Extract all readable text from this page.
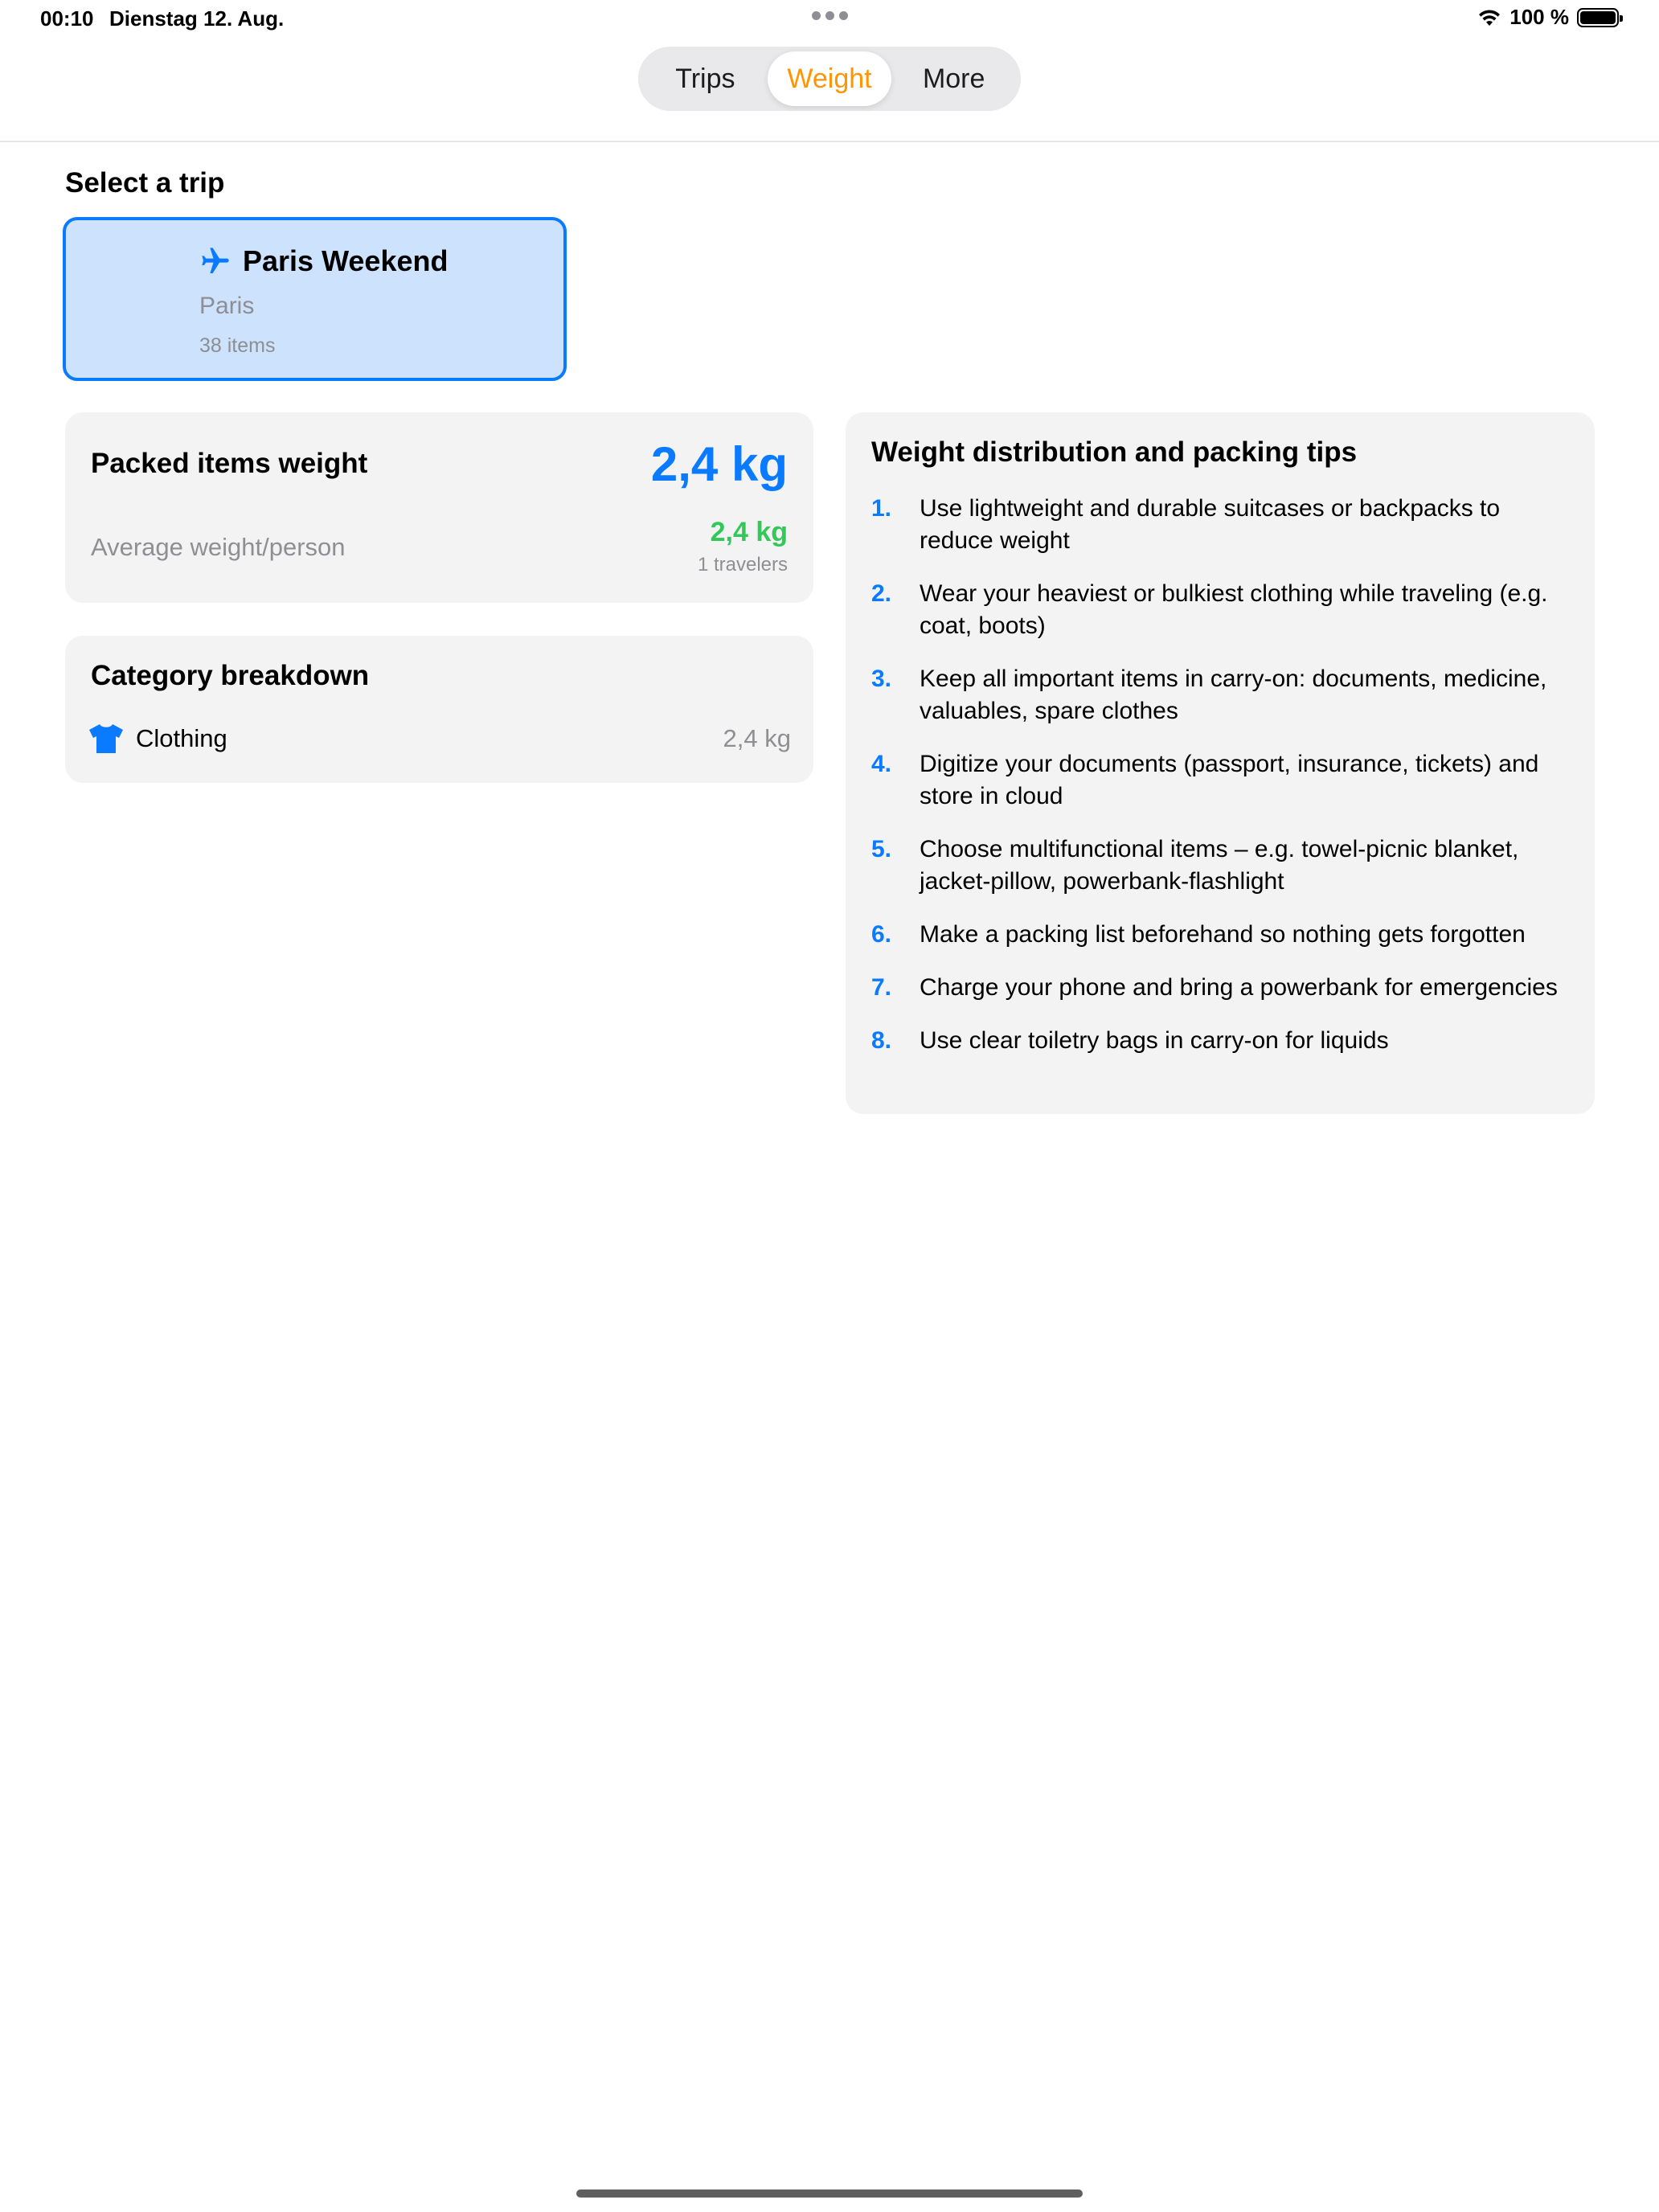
00:10 Dienstag 12. Aug.	100 %
Trips	Weight	More
Select a trip
Paris Weekend
Paris
38 items
Packed items weight	2,4 kg
Average weight/person	2,4 kg
1 travelers
Category breakdown
Clothing	2,4 kg
Weight distribution and packing tips
1.	Use lightweight and durable suitcases or backpacks to reduce weight
2.	Wear your heaviest or bulkiest clothing while traveling (e.g. coat, boots)
3.	Keep all important items in carry-on: documents, medicine, valuables, spare clothes
4.	Digitize your documents (passport, insurance, tickets) and store in cloud
5.	Choose multifunctional items – e.g. towel-picnic blanket, jacket-pillow, powerbank-flashlight
6.	Make a packing list beforehand so nothing gets forgotten
7.	Charge your phone and bring a powerbank for emergencies
8.	Use clear toiletry bags in carry-on for liquids
